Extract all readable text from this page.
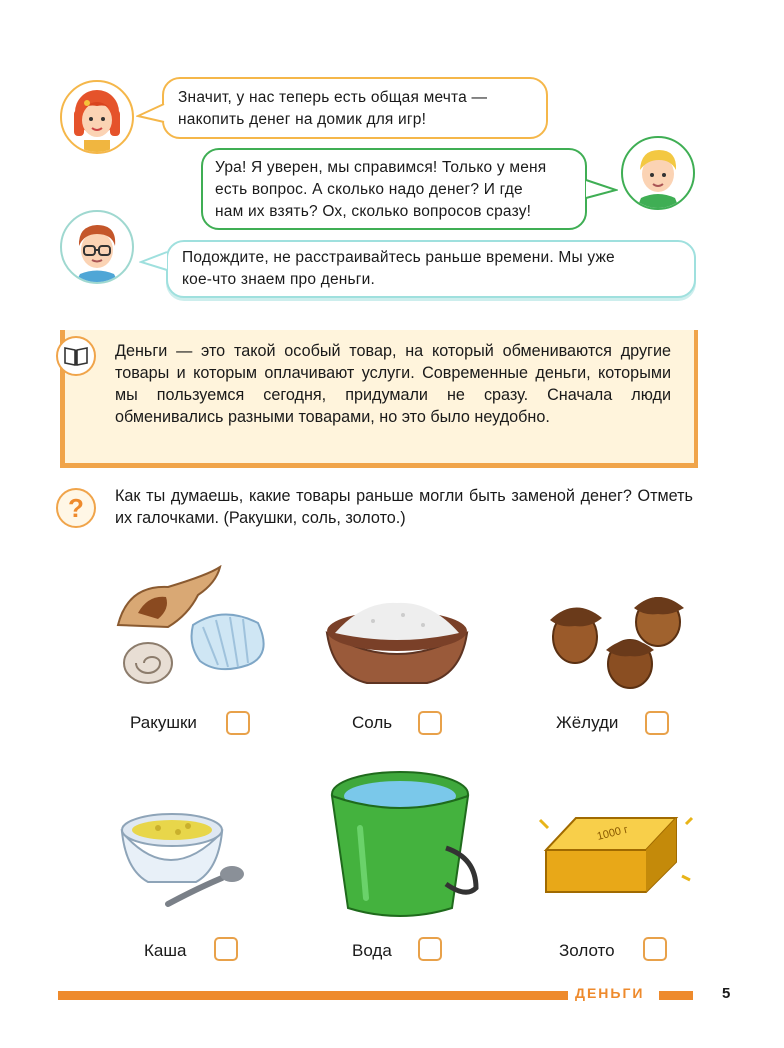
Значит, у нас теперь есть общая мечта —

накопить денег на домик для игр!

Ура! Я уверен, мы справимся! Только у меня

есть вопрос. А сколько надо денег? И где

нам их взять? Ох, сколько вопросов сразу!

Подождите, не расстраивайтесь раньше времени. Мы уже

кое-что знаем про деньги.

Деньги — это такой особый товар, на который обмениваются другие товары и которым оплачивают услуги. Современные деньги, которыми мы пользуемся сегодня, придумали не сразу. Сначала люди обменивались разными товарами, но это было неудобно.
? Как ты думаешь, какие товары раньше могли быть заменой денег? Отметь их галочками. (Ракушки, соль, золото.)
Ракушки	Соль	Жёлуди
1000 г
Каша	Вода	Золото
ДЕНЬГИ	5
